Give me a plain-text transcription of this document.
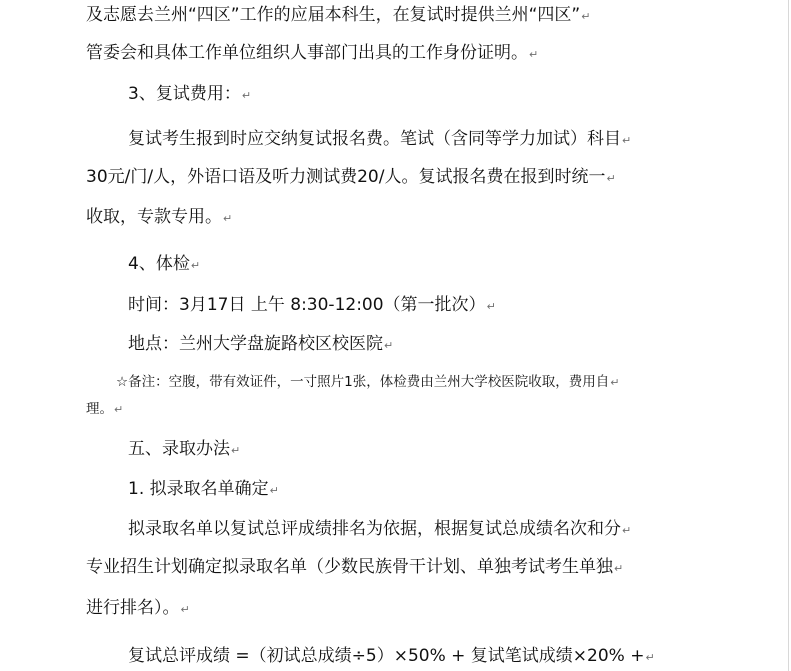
及志愿去兰州“四区”工作的应届本科生，在复试时提供兰州“四区”↵
管委会和具体工作单位组织人事部门出具的工作身份证明。↵
3、复试费用：↵
复试考生报到时应交纳复试报名费。笔试（含同等学力加试）科目↵
30元/门/人，外语口语及听力测试费20/人。复试报名费在报到时统一↵
收取，专款专用。↵
4、体检↵
时间：3月17日 上午 8:30-12:00（第一批次）↵
地点：兰州大学盘旋路校区校医院↵
☆备注：空腹，带有效证件，一寸照片1张，体检费由兰州大学校医院收取，费用自↵
理。↵
五、录取办法↵
1. 拟录取名单确定↵
拟录取名单以复试总评成绩排名为依据，根据复试总成绩名次和分↵
专业招生计划确定拟录取名单（少数民族骨干计划、单独考试考生单独↵
进行排名）。↵
复试总评成绩 =（初试总成绩÷5）×50% + 复试笔试成绩×20% +↵
